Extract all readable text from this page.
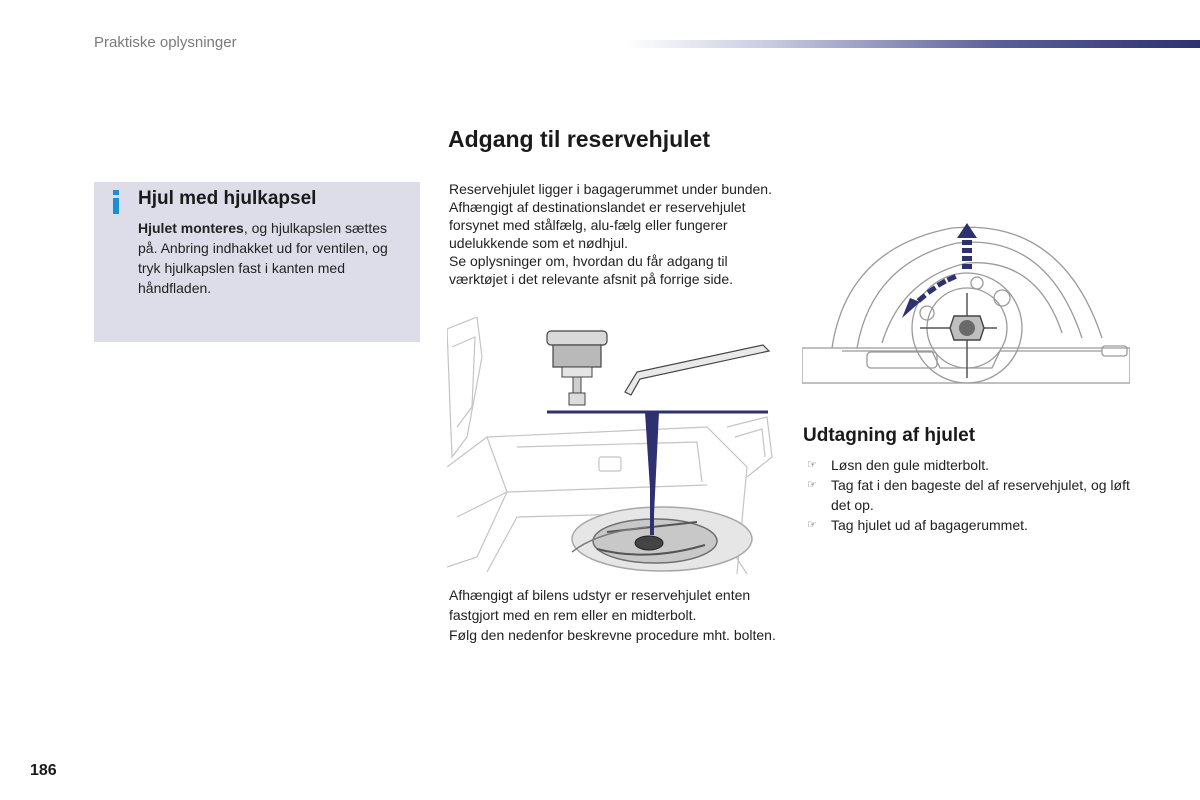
Praktiske oplysninger
Hjul med hjulkapsel
Hjulet monteres, og hjulkapslen sættes på. Anbring indhakket ud for ventilen, og tryk hjulkapslen fast i kanten med håndfladen.
Adgang til reservehjulet

Reservehjulet ligger i bagagerummet under bunden.

Afhængigt af destinationslandet er reservehjulet forsynet med stålfælg, alu-fælg eller fungerer udelukkende som et nødhjul.

Se oplysninger om, hvordan du får adgang til værktøjet i det relevante afsnit på forrige side.

Afhængigt af bilens udstyr er reservehjulet enten fastgjort med en rem eller en midterbolt.

Følg den nedenfor beskrevne procedure mht. bolten.

Udtagning af hjulet
☞ Løsn den gule midterbolt.
☞ Tag fat i den bageste del af reservehjulet, og løft det op.
☞ Tag hjulet ud af bagagerummet.
186
